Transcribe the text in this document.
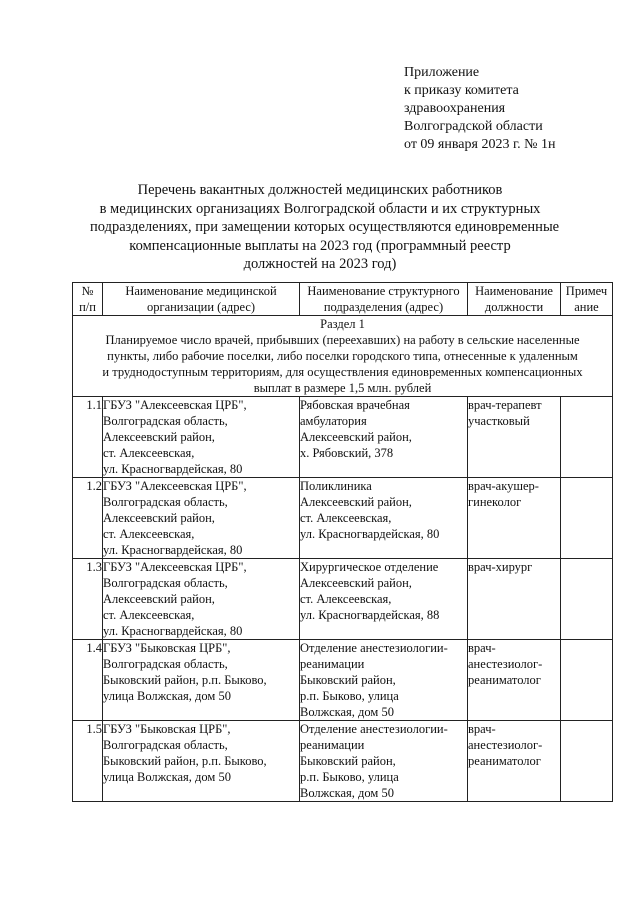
Приложение
к приказу комитета
здравоохранения
Волгоградской области
от 09 января 2023 г. № 1н
Перечень вакантных должностей медицинских работников
в медицинских организациях Волгоградской области и их структурных
подразделениях, при замещении которых осуществляются единовременные
компенсационные выплаты на 2023 год (программный реестр
должностей на 2023 год)
№
п/п	Наименование медицинской
организации (адрес)	Наименование структурного
подразделения (адрес)	Наименование
должности	Примеч
ание

Раздел 1
Планируемое число врачей, прибывших (переехавших) на работу в сельские населенные
пункты, либо рабочие поселки, либо поселки городского типа, отнесенные к удаленным
и труднодоступным территориям, для осуществления единовременных компенсационных
выплат в размере 1,5 млн. рублей				

1.1	ГБУЗ "Алексеевская ЦРБ",
Волгоградская область,
Алексеевский район,
ст. Алексеевская,
ул. Красногвардейская, 80	Рябовская врачебная
амбулатория
Алексеевский район,
х. Рябовский, 378	врач-терапевт
участковый	

1.2	ГБУЗ "Алексеевская ЦРБ",
Волгоградская область,
Алексеевский район,
ст. Алексеевская,
ул. Красногвардейская, 80	Поликлиника
Алексеевский район,
ст. Алексеевская,
ул. Красногвардейская, 80	врач-акушер-
гинеколог	

1.3	ГБУЗ "Алексеевская ЦРБ",
Волгоградская область,
Алексеевский район,
ст. Алексеевская,
ул. Красногвардейская, 80	Хирургическое отделение
Алексеевский район,
ст. Алексеевская,
ул. Красногвардейская, 88	врач-хирург	

1.4	ГБУЗ "Быковская ЦРБ",
Волгоградская область,
Быковский район, р.п. Быково,
улица Волжская, дом 50	Отделение анестезиологии-
реанимации
Быковский район,
р.п. Быково, улица
Волжская, дом 50	врач-
анестезиолог-
реаниматолог	

1.5	ГБУЗ "Быковская ЦРБ",
Волгоградская область,
Быковский район, р.п. Быково,
улица Волжская, дом 50	Отделение анестезиологии-
реанимации
Быковский район,
р.п. Быково, улица
Волжская, дом 50	врач-
анестезиолог-
реаниматолог	
